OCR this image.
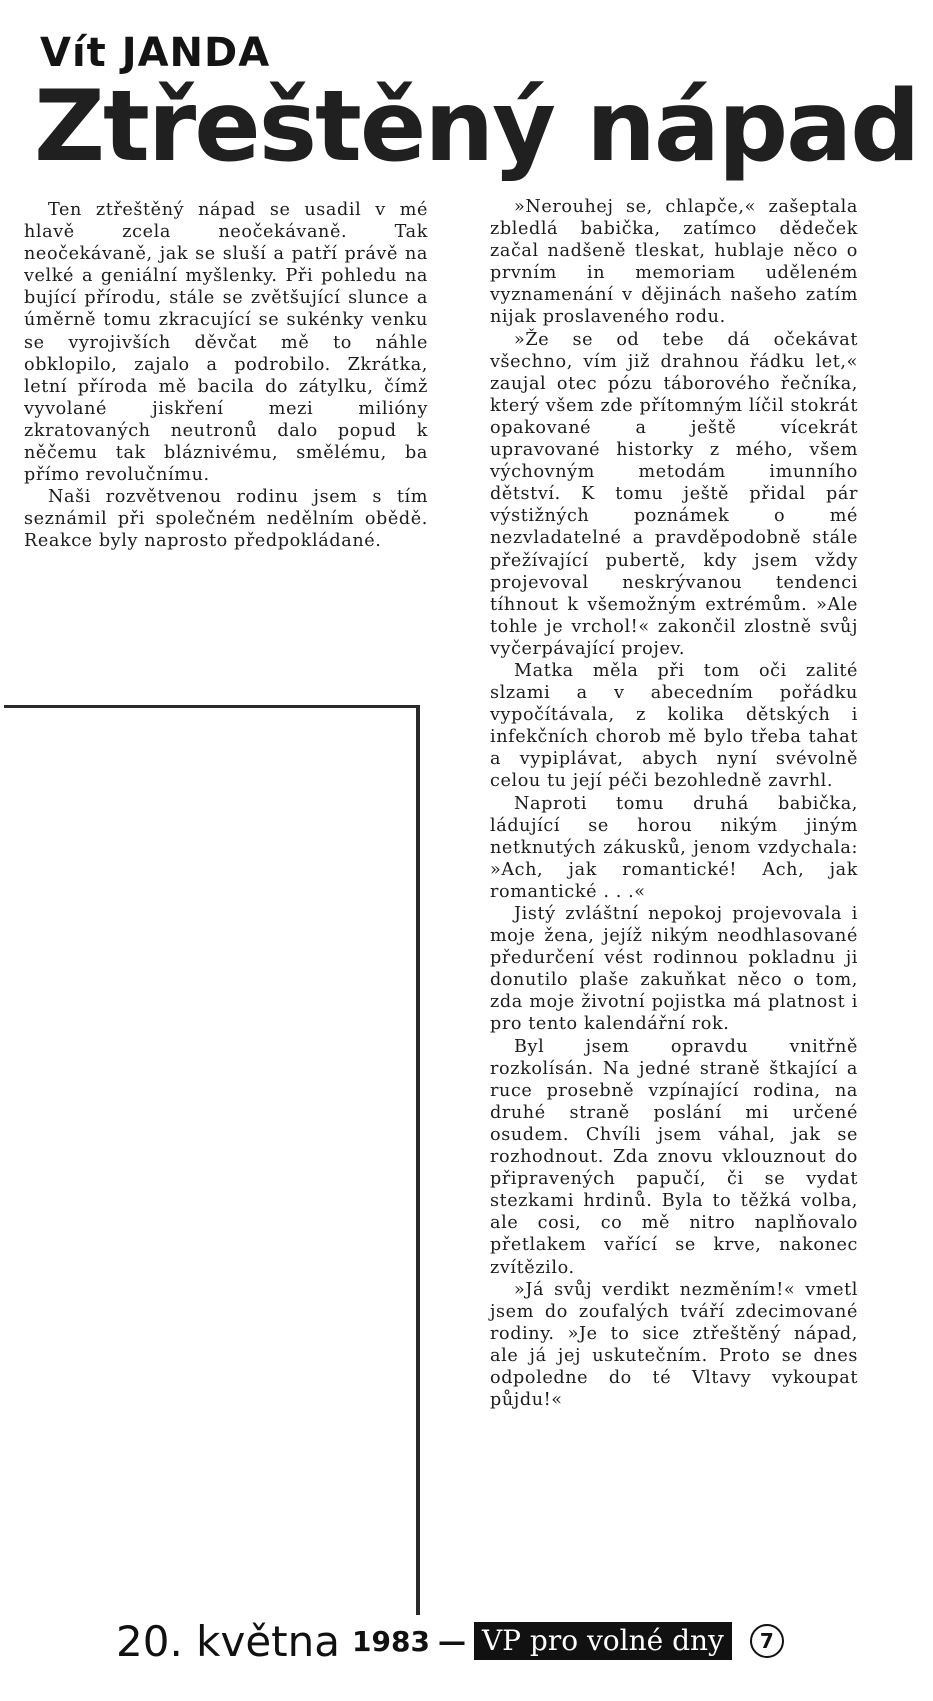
Vít JANDA
Ztřeštěný nápad

Ten ztřeštěný nápad se usadil v mé hlavě zcela neočekávaně. Tak neočekávaně, jak se sluší a patří právě na velké a geniální myšlenky. Při pohledu na bující přírodu, stále se zvětšující slunce a úměrně tomu zkracující se sukénky venku se vyrojivších děvčat mě to náhle obklopilo, zajalo a podrobilo. Zkrátka, letní příroda mě bacila do zátylku, čímž vyvolané jiskření mezi milióny zkratovaných neutronů dalo popud k něčemu tak bláznivému, smělému, ba přímo revolučnímu.

Naši rozvětvenou rodinu jsem s tím seznámil při společném nedělním obědě. Reakce byly naprosto předpokládané.

»Nerouhej se, chlapče,« zašeptala zbledlá babička, zatímco dědeček začal nadšeně tleskat, hublaje něco o prvním in memoriam uděleném vyznamenání v dějinách našeho zatím nijak proslaveného rodu.

»Že se od tebe dá očekávat všechno, vím již drahnou řádku let,« zaujal otec pózu táborového řečníka, který všem zde přítomným líčil stokrát opakované a ještě vícekrát upravované historky z mého, všem výchovným metodám imunního dětství. K tomu ještě přidal pár výstižných poznámek o mé nezvladatelné a pravděpodobně stále přežívající pubertě, kdy jsem vždy projevoval neskrývanou tendenci tíhnout k všemožným extrémům. »Ale tohle je vrchol!« zakončil zlostně svůj vyčerpávající projev.

Matka měla při tom oči zalité slzami a v abecedním pořádku vypočítávala, z kolika dětských i infekčních chorob mě bylo třeba tahat a vypiplávat, abych nyní svévolně celou tu její péči bezohledně zavrhl.

Naproti tomu druhá babička, ládující se horou nikým jiným netknutých zákusků, jenom vzdychala: »Ach, jak romantické! Ach, jak romantické . . .«

Jistý zvláštní nepokoj projevovala i moje žena, jejíž nikým neodhlasované předurčení vést rodinnou pokladnu ji donutilo plaše zakuňkat něco o tom, zda moje životní pojistka má platnost i pro tento kalendářní rok.

Byl jsem opravdu vnitřně rozkolísán. Na jedné straně štkající a ruce prosebně vzpínající rodina, na druhé straně poslání mi určené osudem. Chvíli jsem váhal, jak se rozhodnout. Zda znovu vklouznout do připravených papučí, či se vydat stezkami hrdinů. Byla to těžká volba, ale cosi, co mě nitro naplňovalo přetlakem vařící se krve, nakonec zvítězilo.

»Já svůj verdikt nezměním!« vmetl jsem do zoufalých tváří zdecimované rodiny. »Je to sice ztřeštěný nápad, ale já jej uskutečním. Proto se dnes odpoledne do té Vltavy vykoupat půjdu!«

20. května 1983 — VP pro volné dny	7
